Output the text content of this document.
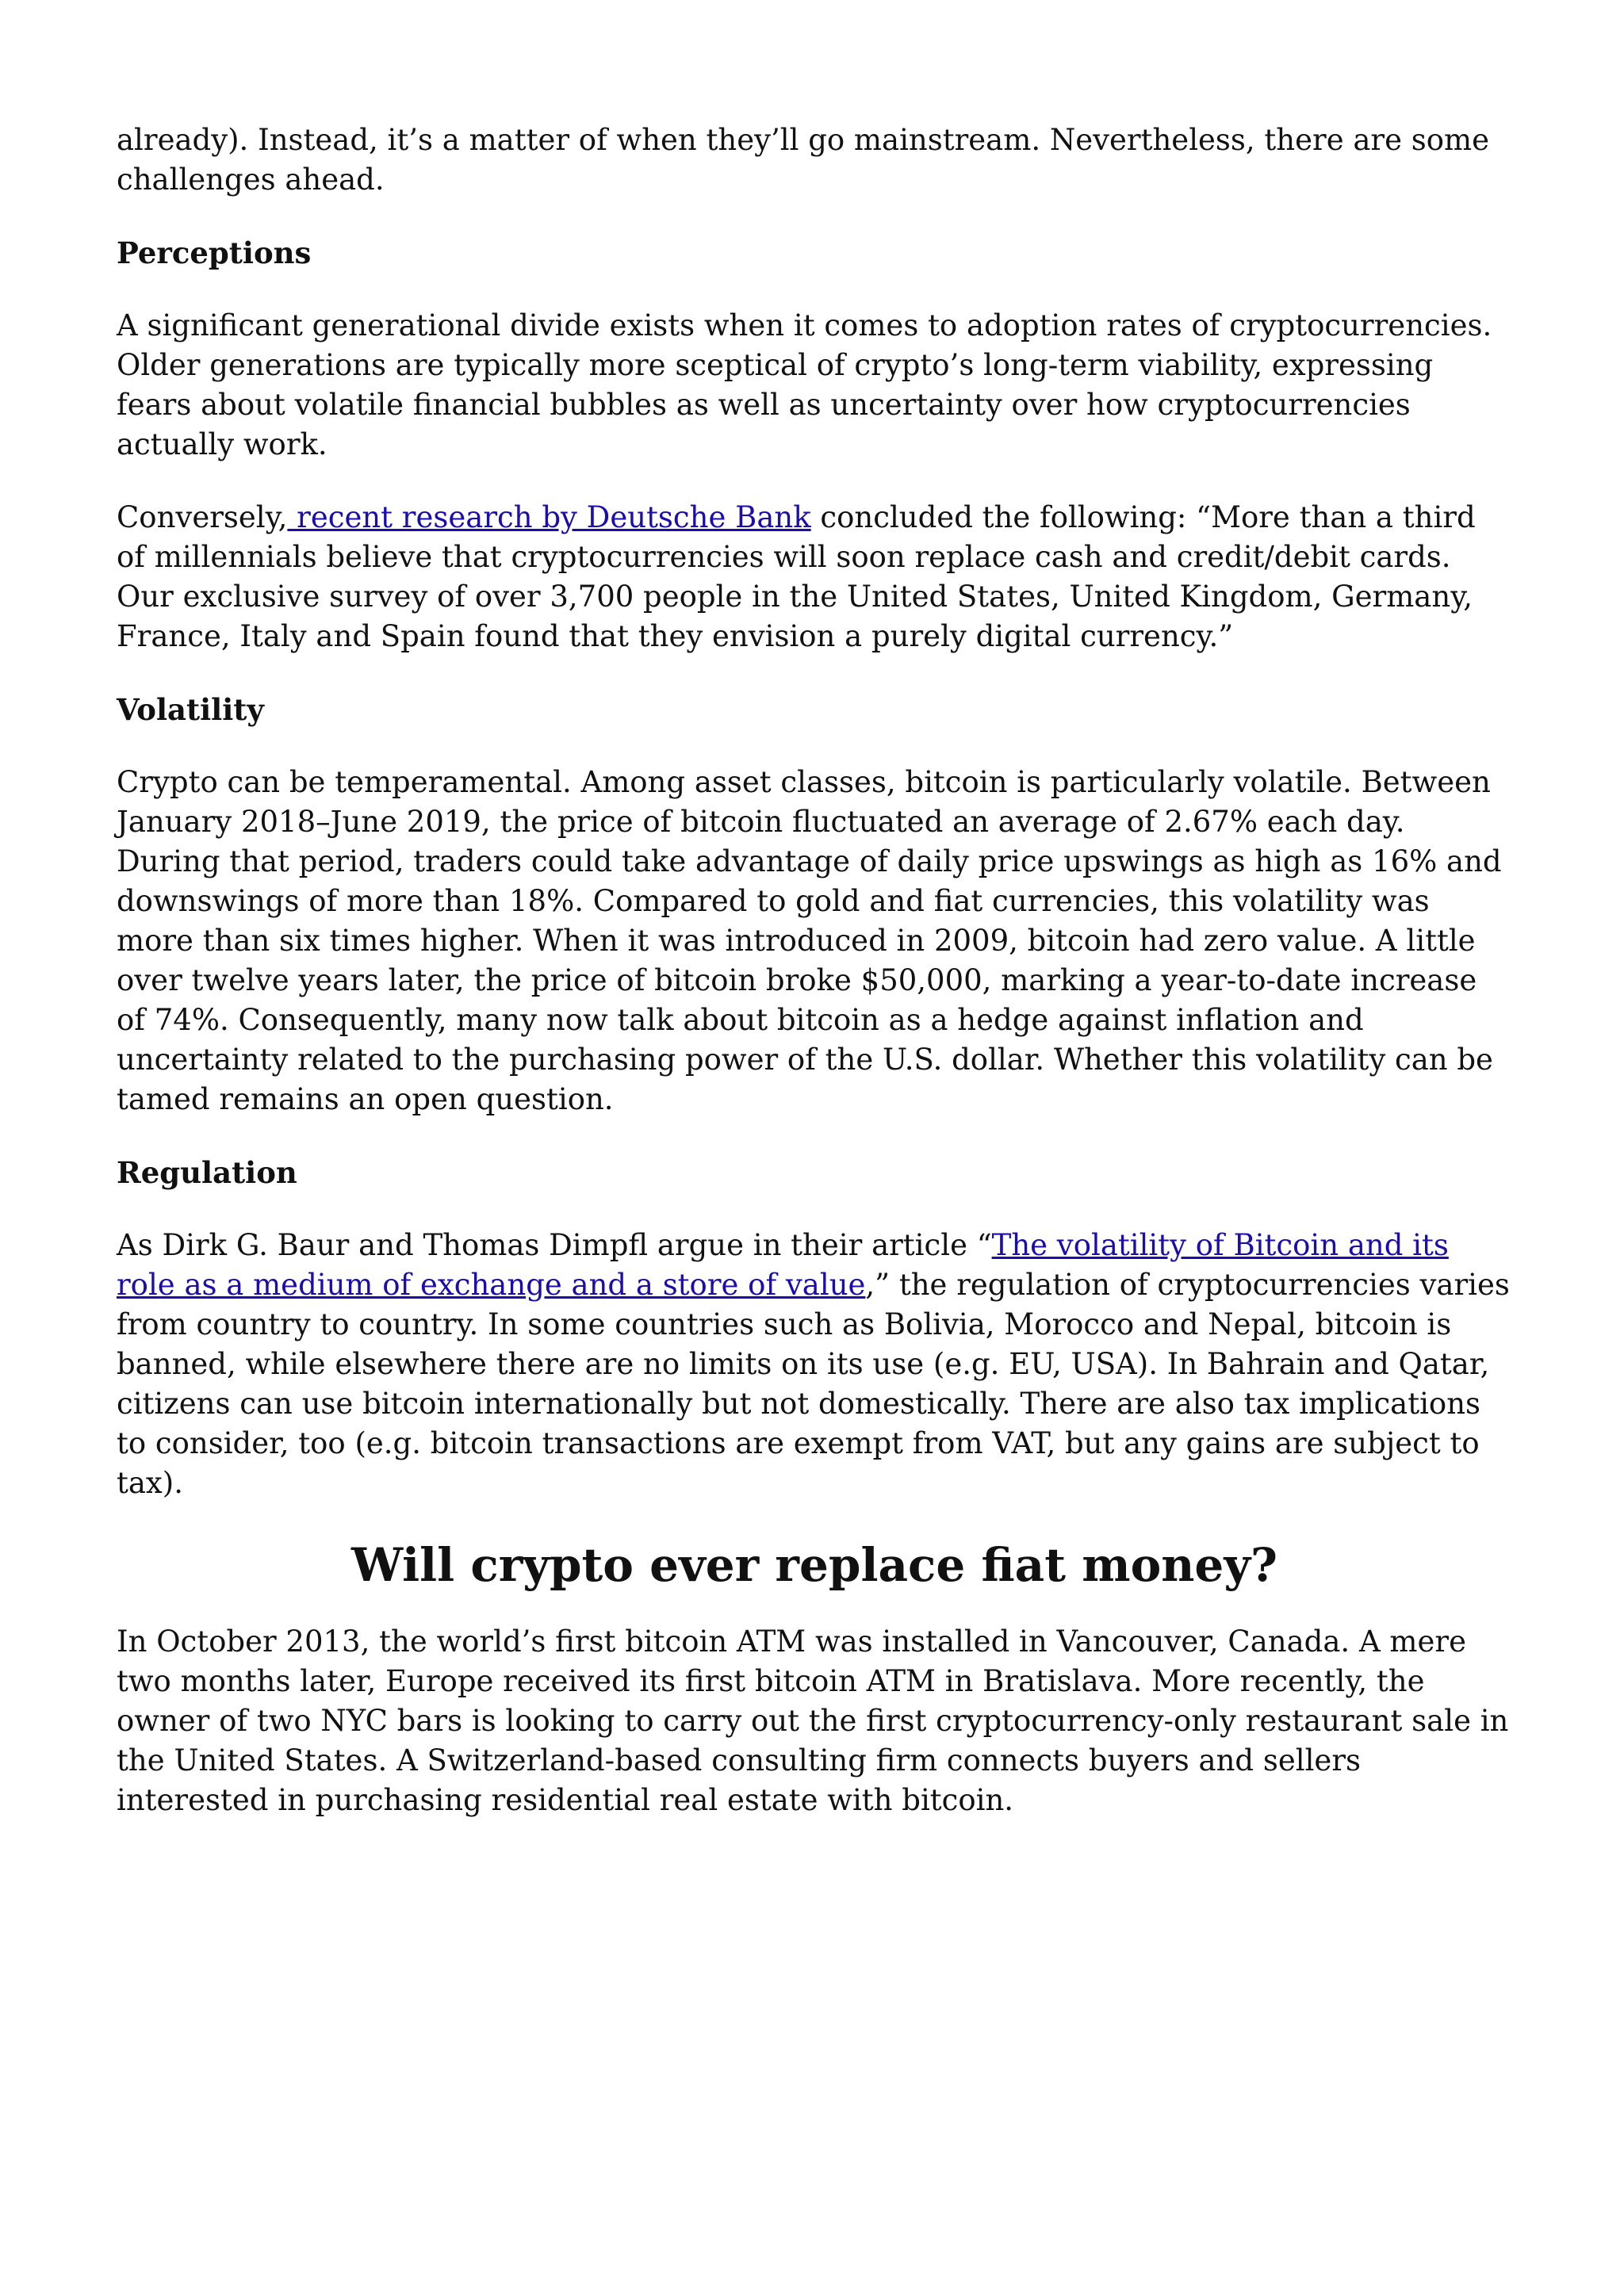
already). Instead, it’s a matter of when they’ll go mainstream. Nevertheless, there are some challenges ahead.

Perceptions

A significant generational divide exists when it comes to adoption rates of cryptocurrencies. Older generations are typically more sceptical of crypto’s long-term viability, expressing fears about volatile financial bubbles as well as uncertainty over how cryptocurrencies actually work.

Conversely, recent research by Deutsche Bank concluded the following: “More than a third of millennials believe that cryptocurrencies will soon replace cash and credit/debit cards. Our exclusive survey of over 3,700 people in the United States, United Kingdom, Germany, France, Italy and Spain found that they envision a purely digital currency.”

Volatility

Crypto can be temperamental. Among asset classes, bitcoin is particularly volatile. Between January 2018–June 2019, the price of bitcoin fluctuated an average of 2.67% each day. During that period, traders could take advantage of daily price upswings as high as 16% and downswings of more than 18%. Compared to gold and fiat currencies, this volatility was more than six times higher. When it was introduced in 2009, bitcoin had zero value. A little over twelve years later, the price of bitcoin broke $50,000, marking a year-to-date increase of 74%. Consequently, many now talk about bitcoin as a hedge against inflation and uncertainty related to the purchasing power of the U.S. dollar. Whether this volatility can be tamed remains an open question.

Regulation

As Dirk G. Baur and Thomas Dimpfl argue in their article “The volatility of Bitcoin and its role as a medium of exchange and a store of value,” the regulation of cryptocurrencies varies from country to country. In some countries such as Bolivia, Morocco and Nepal, bitcoin is banned, while elsewhere there are no limits on its use (e.g. EU, USA). In Bahrain and Qatar, citizens can use bitcoin internationally but not domestically. There are also tax implications to consider, too (e.g. bitcoin transactions are exempt from VAT, but any gains are subject to tax).

Will crypto ever replace fiat money?

In October 2013, the world’s first bitcoin ATM was installed in Vancouver, Canada. A mere two months later, Europe received its first bitcoin ATM in Bratislava. More recently, the owner of two NYC bars is looking to carry out the first cryptocurrency-only restaurant sale in the United States. A Switzerland-based consulting firm connects buyers and sellers interested in purchasing residential real estate with bitcoin.
